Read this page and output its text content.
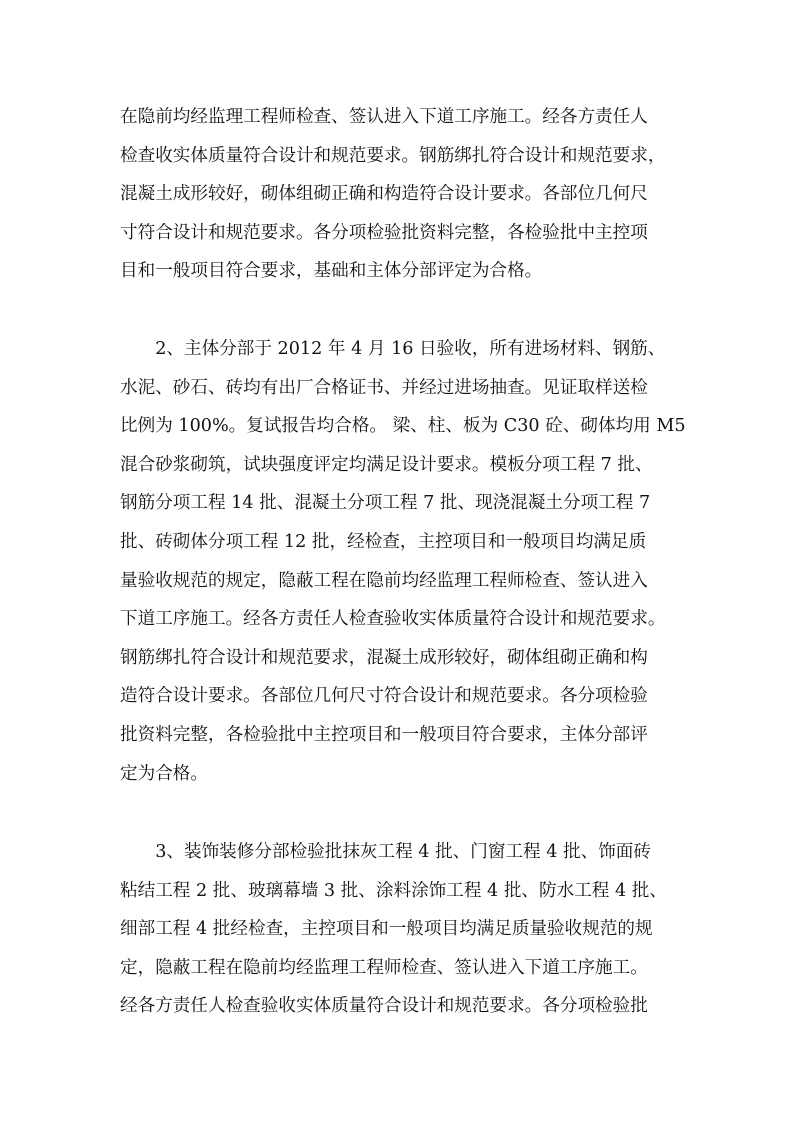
在隐前均经监理工程师检查、签认进入下道工序施工。经各方责任人
检查收实体质量符合设计和规范要求。钢筋绑扎符合设计和规范要求，
混凝土成形较好，砌体组砌正确和构造符合设计要求。各部位几何尺
寸符合设计和规范要求。各分项检验批资料完整，各检验批中主控项
目和一般项目符合要求，基础和主体分部评定为合格。

　　2、主体分部于 2012 年 4 月 16 日验收，所有进场材料、钢筋、
水泥、砂石、砖均有出厂合格证书、并经过进场抽查。见证取样送检
比例为 100%。复试报告均合格。 梁、柱、板为 C30 砼、砌体均用 M5
混合砂浆砌筑，试块强度评定均满足设计要求。模板分项工程 7 批、
钢筋分项工程 14 批、混凝土分项工程 7 批、现浇混凝土分项工程 7
批、砖砌体分项工程 12 批，经检查，主控项目和一般项目均满足质
量验收规范的规定，隐蔽工程在隐前均经监理工程师检查、签认进入
下道工序施工。经各方责任人检查验收实体质量符合设计和规范要求。
钢筋绑扎符合设计和规范要求，混凝土成形较好，砌体组砌正确和构
造符合设计要求。各部位几何尺寸符合设计和规范要求。各分项检验
批资料完整，各检验批中主控项目和一般项目符合要求，主体分部评
定为合格。

　　3、装饰装修分部检验批抹灰工程 4 批、门窗工程 4 批、饰面砖
粘结工程 2 批、玻璃幕墙 3 批、涂料涂饰工程 4 批、防水工程 4 批、
细部工程 4 批经检查，主控项目和一般项目均满足质量验收规范的规
定，隐蔽工程在隐前均经监理工程师检查、签认进入下道工序施工。
经各方责任人检查验收实体质量符合设计和规范要求。各分项检验批
